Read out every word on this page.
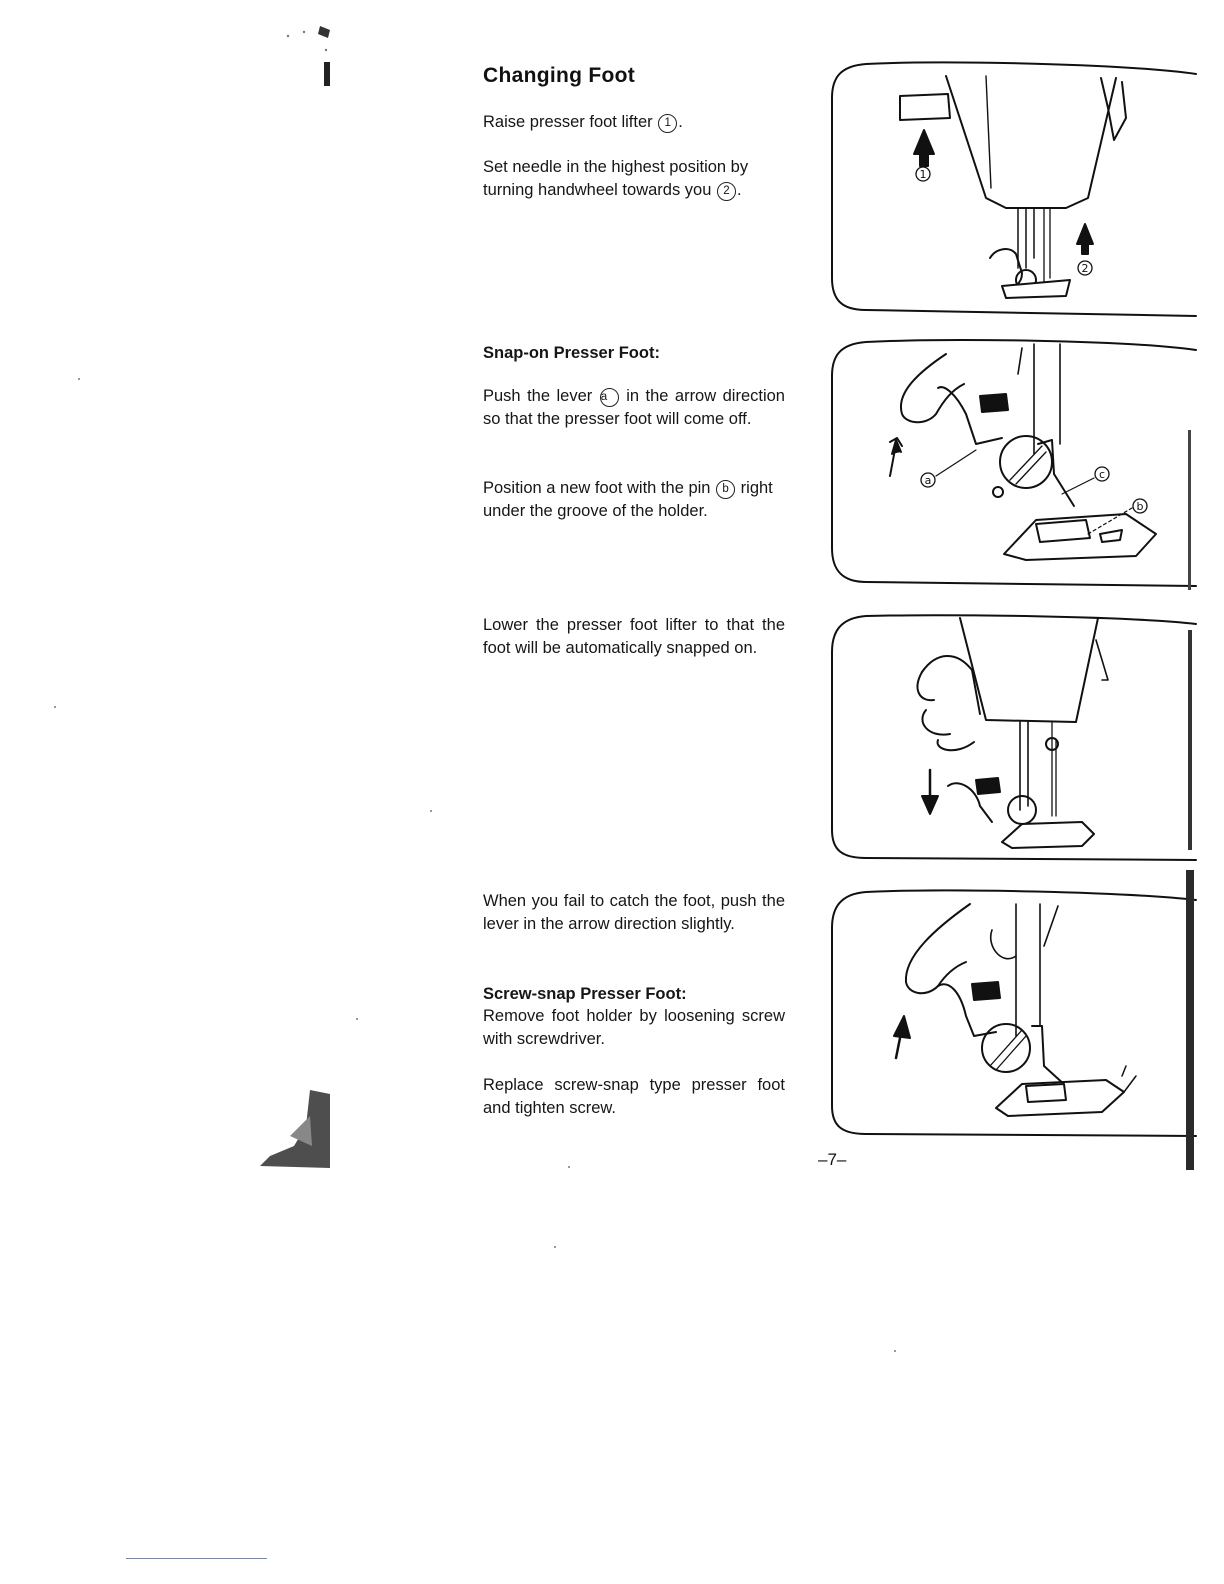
Changing Foot

Raise presser foot lifter 1 .

Set needle in the highest position by turning handwheel towards you 2 .

Snap-on Presser Foot:

Push the lever a in the arrow direction so that the presser foot will come off.

Position a new foot with the pin b right under the groove of the holder.

Lower the presser foot lifter to that the foot will be automatically snapped on.

When you fail to catch the foot, push the lever in the arrow direction slightly.

Screw-snap Presser Foot:

Remove foot holder by loosening screw with screwdriver.

Replace screw-snap type presser foot and tighten screw.

1
2
a	c
b
–7–
